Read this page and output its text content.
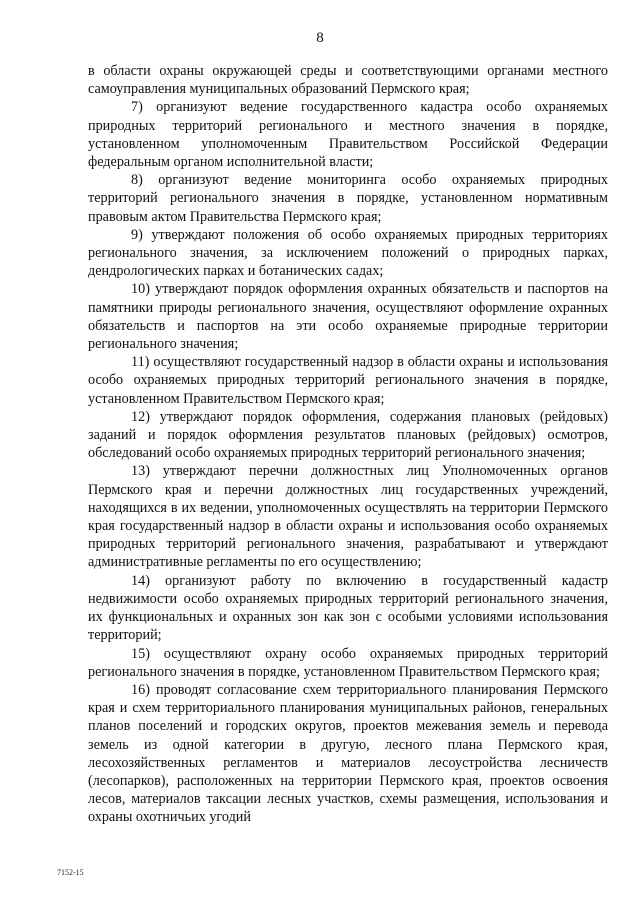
8

в области охраны окружающей среды и соответствующими органами местного самоуправления муниципальных образований Пермского края;

7) организуют ведение государственного кадастра особо охраняемых природных территорий регионального и местного значения в порядке, установленном уполномоченным Правительством Российской Федерации федеральным органом исполнительной власти;

8) организуют ведение мониторинга особо охраняемых природных территорий регионального значения в порядке, установленном нормативным правовым актом Правительства Пермского края;

9) утверждают положения об особо охраняемых природных территориях регионального значения, за исключением положений о природных парках, дендрологических парках и ботанических садах;

10) утверждают порядок оформления охранных обязательств и паспортов на памятники природы регионального значения, осуществляют оформление охранных обязательств и паспортов на эти особо охраняемые природные территории регионального значения;

11) осуществляют государственный надзор в области охраны и использования особо охраняемых природных территорий регионального значения в порядке, установленном Правительством Пермского края;

12) утверждают порядок оформления, содержания плановых (рейдовых) заданий и порядок оформления результатов плановых (рейдовых) осмотров, обследований особо охраняемых природных территорий регионального значения;

13) утверждают перечни должностных лиц Уполномоченных органов Пермского края и перечни должностных лиц государственных учреждений, находящихся в их ведении, уполномоченных осуществлять на территории Пермского края государственный надзор в области охраны и использования особо охраняемых природных территорий регионального значения, разрабатывают и утверждают административные регламенты по его осуществлению;

14) организуют работу по включению в государственный кадастр недвижимости особо охраняемых природных территорий регионального значения, их функциональных и охранных зон как зон с особыми условиями использования территорий;

15) осуществляют охрану особо охраняемых природных территорий регионального значения в порядке, установленном Правительством Пермского края;

16) проводят согласование схем территориального планирования Пермского края и схем территориального планирования муниципальных районов, генеральных планов поселений и городских округов, проектов межевания земель и перевода земель из одной категории в другую, лесного плана Пермского края, лесохозяйственных регламентов и материалов лесоустройства лесничеств (лесопарков), расположенных на территории Пермского края, проектов освоения лесов, материалов таксации лесных участков, схемы размещения, использования и охраны охотничьих угодий

7152-15
